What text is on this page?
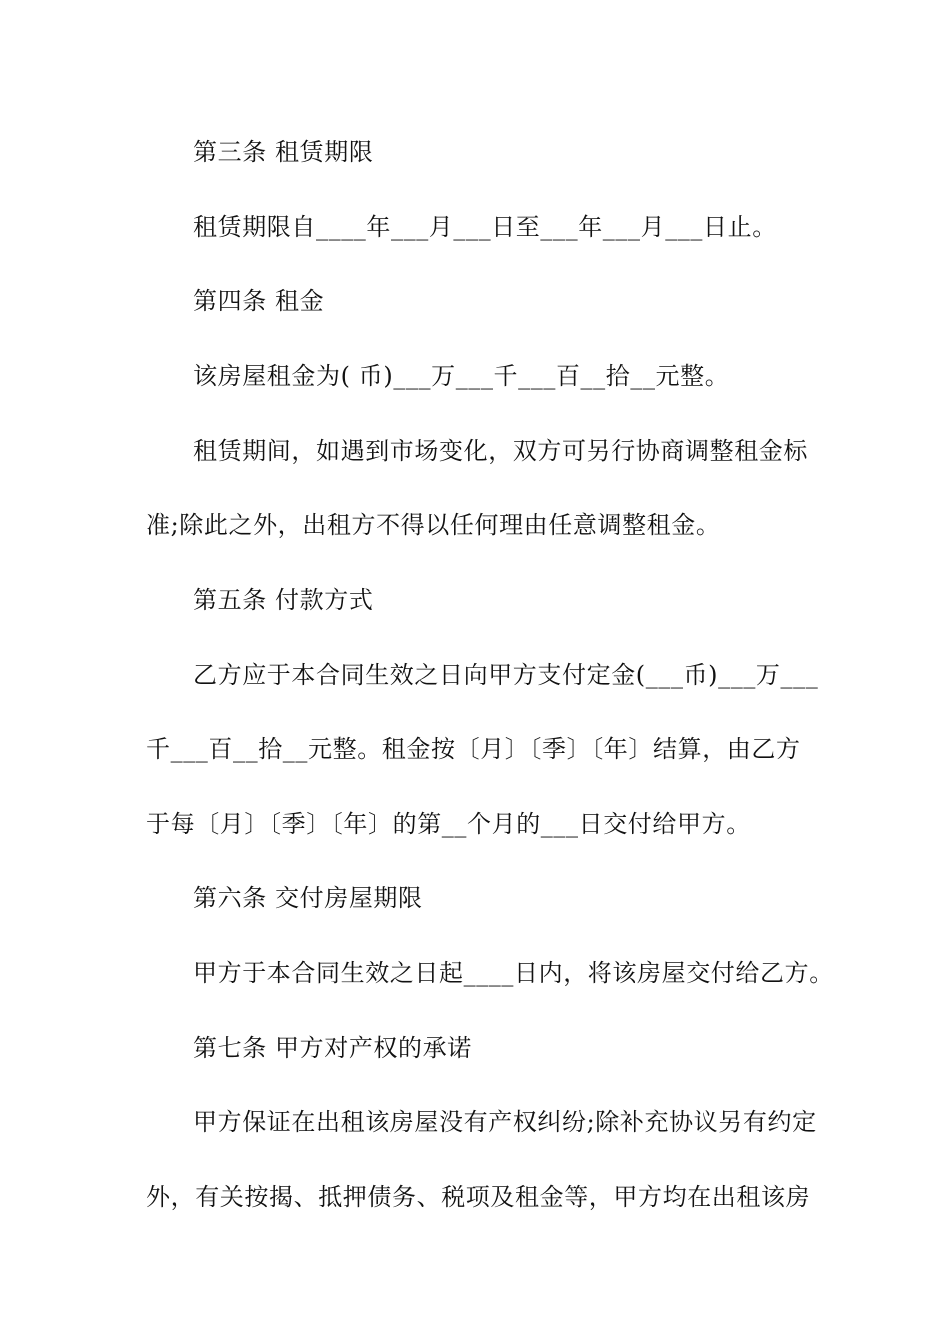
第三条 租赁期限
租赁期限自____年___月___日至___年___月___日止。
第四条 租金
该房屋租金为( 币)___万___千___百__拾__元整。
租赁期间，如遇到市场变化，双方可另行协商调整租金标
准;除此之外，出租方不得以任何理由任意调整租金。
第五条 付款方式
乙方应于本合同生效之日向甲方支付定金(___币)___万___
千___百__拾__元整。租金按〔月〕〔季〕〔年〕结算，由乙方
于每〔月〕〔季〕〔年〕的第__个月的___日交付给甲方。
第六条 交付房屋期限
甲方于本合同生效之日起____日内，将该房屋交付给乙方。
第七条 甲方对产权的承诺
甲方保证在出租该房屋没有产权纠纷;除补充协议另有约定
外，有关按揭、抵押债务、税项及租金等，甲方均在出租该房
